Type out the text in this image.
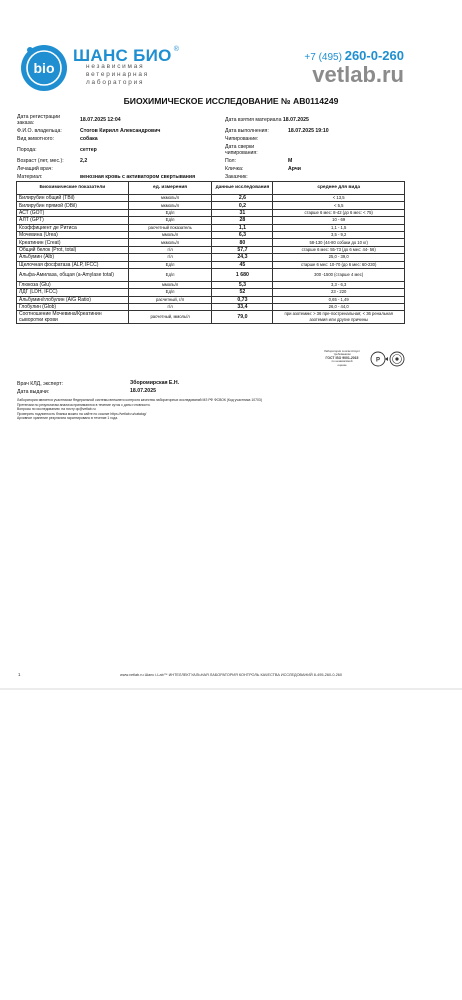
bio
ШАНС БИО ®
независимая
ветеринарная
лаборатория
+7 (495) 260-0-260
vetlab.ru
БИОХИМИЧЕСКОЕ ИССЛЕДОВАНИЕ № AB0114249
Дата регистрации заказа:	18.07.2025 12:04
Ф.И.О. владельца:	Стогов Кирилл Александрович
Вид животного:	собака
Порода:	сеттер
Возраст (лет, мес.):	2,2
Лечащий врач:
Материал:	венозная кровь с активатором свертывания
Дата взятия материала 18.07.2025
Дата выполнения:	18.07.2025 19:10
Чипирование:
Дата сверки чипирования:
Пол:	М
Кличка:	Арчи
Заказчик:
Биохимические показатели	ед. измерения	данные исследования	среднее для вида
Билирубин общий (TBil)	мкмоль/л	2,6	< 13,5
Билирубин прямой (DBil)	мкмоль/л	0,2	< 5,5
АСТ (GOT)	Ед/л	31	старше 6 мес: 8-42 (до 6 мес: < 75)
АЛТ (GPT)	Ед/л	28	10 - 69
Коэффициент де Ритиса	расчетный показатель	1,1	1,1 - 1,5
Мочевина (Urea)	ммоль/л	6,3	3,5 - 9,2
Креатинин (Creat)	мкмоль/л	80	58-130 (44-80 собаки до 10 кг)
Общий белок (Prot, total)	г/л	57,7	старше 6 мес: 55-73 (до 6 мес: 44- 56)
Альбумин (Alb)	г/л	24,3	25,0 - 39,0
Щелочная фосфатаза (ALP, IFCC)	Ед/л	45	старше 6 мес: 10-70 (до 6 мес: 60-230)
Альфа-Амилаза, общая (a-Amylase total)	Ед/л	1 680	300 -1500 (старше 4 мес)
Глюкоза (Glu)	ммоль/л	5,3	3,3 - 6,3
ЛДГ (LDH, IFCC)	Ед/л	52	23 - 220
Альбумин/глобулин (A/G Ratio)	расчетный, г/л	0,73	0,65 - 1,49
Глобулин (Glob)	г/л	33,4	26,0 - 44,0
Соотношение Мочевина/Креатинин сыворотки крови	расчетный, ммоль/л	79,0	при азотемии: > 36 пре-постренальная; < 36 ренальная азотемия или другие причины
Врач КЛД, эксперт:	Зборомирская Е.Н.
Дата выдачи:	18.07.2025
Лаборатория соответствует
требованиям
ГОСТ ISO 9001-2015
по независимой
оценке
P
Лаборатория является участником Федеральной системы внешнего контроля качества лабораторных исследований МЗ РФ ФСВОК (Код участника 10703)
Претензии по результатам анализа принимаются в течение суток с даты готовности.
Вопросы по исследованию: на почту qc@vetlab.ru
Проверить подлинность бланка можно на сайте по ссылке https://vetlab.ru/catalog/
Архивное хранение результата гарантировано в течение 1 года.
1	www.vetlab.ru Шанс i-Lab™ ИНТЕЛЛЕКТУАЛЬНАЯ ЛАБОРАТОРИЯ КОНТРОЛЬ КАЧЕСТВА ИССЛЕДОВАНИЙ 8-495-260-0-260
